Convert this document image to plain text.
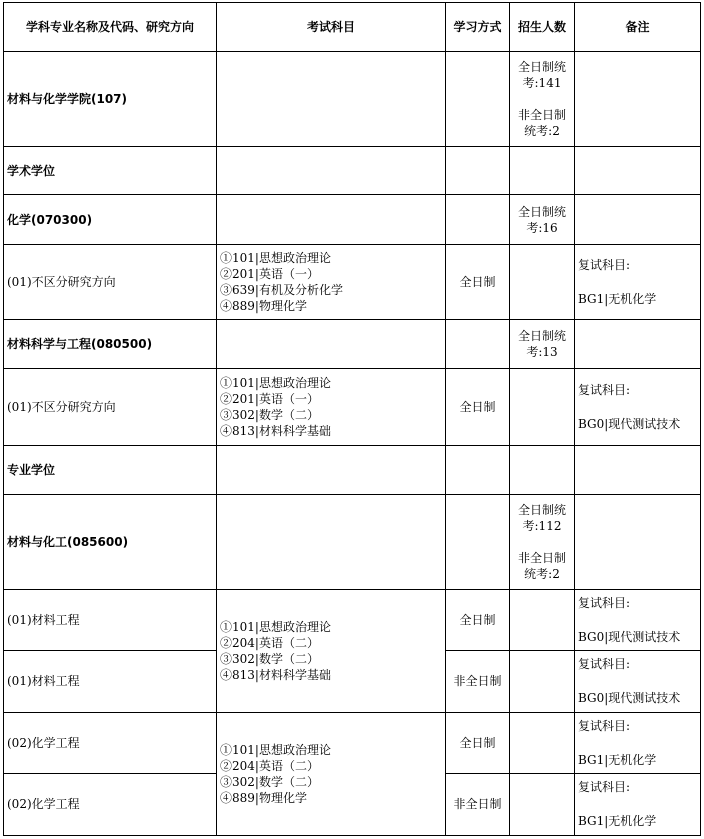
学科专业名称及代码、研究方向	考试科目	学习方式	招生人数	备注
材料与化学学院(107)			全日制统
考:141
非全日制
统考:2	

学术学位				
化学(070300)			全日制统
考:16	

(01)不区分研究方向	①101|思想政治理论
②201|英语（一）
③639|有机及分析化学
④889|物理化学	全日制		复试科目:
BG1|无机化学

材料科学与工程(080500)			全日制统
考:13	

(01)不区分研究方向	①101|思想政治理论
②201|英语（一）
③302|数学（二）
④813|材料科学基础	全日制		复试科目:
BG0|现代测试技术

专业学位				
材料与化工(085600)			全日制统
考:112
非全日制
统考:2	

(01)材料工程	①101|思想政治理论
②204|英语（二）
③302|数学（二）
④813|材料科学基础	全日制		复试科目:
BG0|现代测试技术

(01)材料工程		非全日制		复试科目:
BG0|现代测试技术

(02)化学工程	①101|思想政治理论
②204|英语（二）
③302|数学（二）
④889|物理化学	全日制		复试科目:
BG1|无机化学

(02)化学工程		非全日制		复试科目:
BG1|无机化学
